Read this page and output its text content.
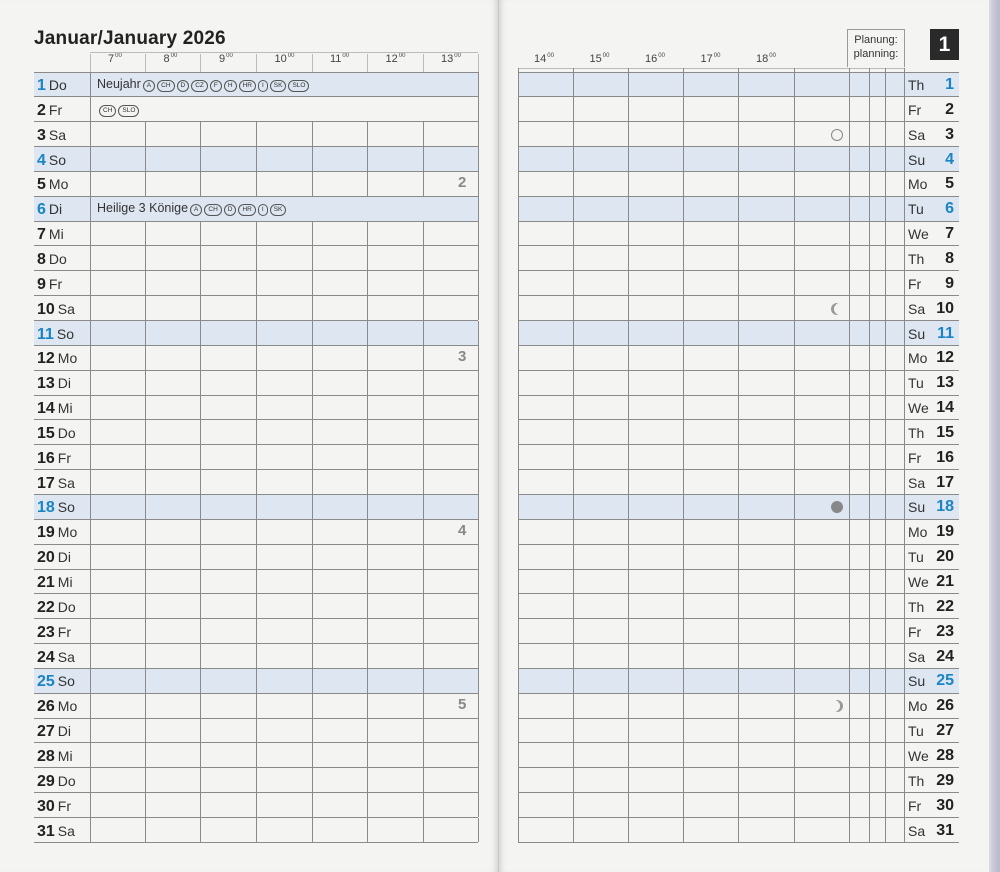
Januar/January 2026	Planung:
planning:	1
$7^{00}$	$8^{00}$	$9^{00}$	$10^{00}$	$11^{00}$	$12^{00}$	$13^{00}$	$14^{00}$	$15^{00}$	$16^{00}$	$17^{00}$	$18^{00}$
1 Do	Th	1
Neujahr A CH D CZ F H HR I SK SLO
2 Fr	Fr	2
CH SLO
3 Sa	Sa	3
4 So	Su	4
5 Mo	Mo	5
2
6 Di	Tu	6
Heilige 3 Könige A CH D HR I SK
7 Mi	We	7
8 Do	Th	8
9 Fr	Fr	9
10 Sa	Sa 10
11 So	Su 11
12 Mo	Mo 12
3
13 Di	Tu 13
14 Mi	We 14
15 Do	Th 15
16 Fr	Fr 16
17 Sa	Sa 17
18 So	Su 18
19 Mo	Mo 19
4
20 Di	Tu 20
21 Mi	We 21
22 Do	Th 22
23 Fr	Fr 23
24 Sa	Sa 24
25 So	Su 25
26 Mo	Mo 26
5
27 Di	Tu 27
28 Mi	We 28
29 Do	Th 29
30 Fr	Fr 30
31 Sa	Sa 31
